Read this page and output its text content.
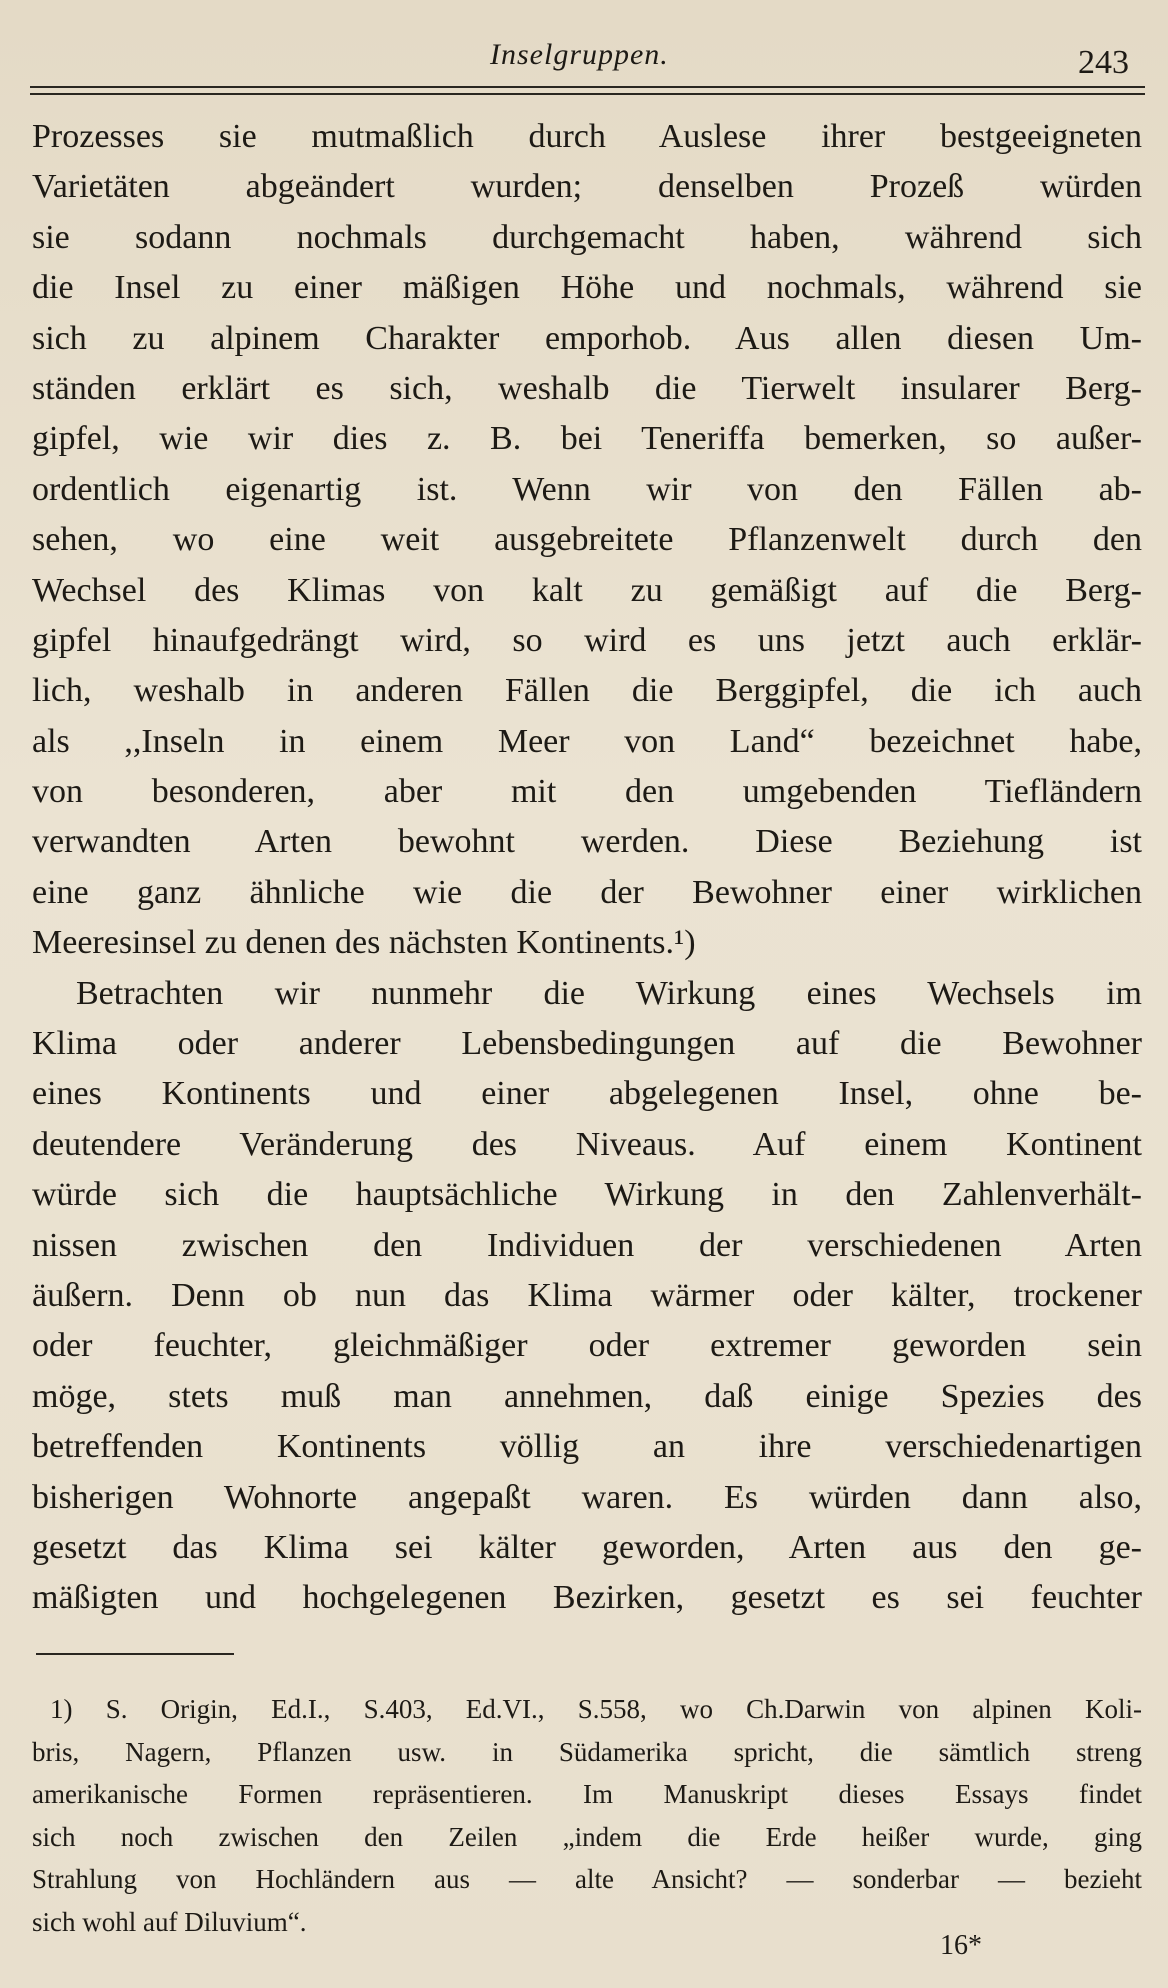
Inselgruppen.	243
Prozesses sie mutmaßlich durch Auslese ihrer bestgeeigneten
Varietäten abgeändert wurden; denselben Prozeß würden
sie sodann nochmals durchgemacht haben, während sich
die Insel zu einer mäßigen Höhe und nochmals, während sie
sich zu alpinem Charakter emporhob. Aus allen diesen Um-
ständen erklärt es sich, weshalb die Tierwelt insularer Berg-
gipfel, wie wir dies z. B. bei Teneriffa bemerken, so außer-
ordentlich eigenartig ist. Wenn wir von den Fällen ab-
sehen, wo eine weit ausgebreitete Pflanzenwelt durch den
Wechsel des Klimas von kalt zu gemäßigt auf die Berg-
gipfel hinaufgedrängt wird, so wird es uns jetzt auch erklär-
lich, weshalb in anderen Fällen die Berggipfel, die ich auch
als ,,Inseln in einem Meer von Land“ bezeichnet habe,
von besonderen, aber mit den umgebenden Tiefländern
verwandten Arten bewohnt werden. Diese Beziehung ist
eine ganz ähnliche wie die der Bewohner einer wirklichen
Meeresinsel zu denen des nächsten Kontinents.¹)
Betrachten wir nunmehr die Wirkung eines Wechsels im
Klima oder anderer Lebensbedingungen auf die Bewohner
eines Kontinents und einer abgelegenen Insel, ohne be-
deutendere Veränderung des Niveaus. Auf einem Kontinent
würde sich die hauptsächliche Wirkung in den Zahlenverhält-
nissen zwischen den Individuen der verschiedenen Arten
äußern. Denn ob nun das Klima wärmer oder kälter, trockener
oder feuchter, gleichmäßiger oder extremer geworden sein
möge, stets muß man annehmen, daß einige Spezies des
betreffenden Kontinents völlig an ihre verschiedenartigen
bisherigen Wohnorte angepaßt waren. Es würden dann also,
gesetzt das Klima sei kälter geworden, Arten aus den ge-
mäßigten und hochgelegenen Bezirken, gesetzt es sei feuchter
1) S. Origin, Ed.I., S.403, Ed.VI., S.558, wo Ch.Darwin von alpinen Koli-
bris, Nagern, Pflanzen usw. in Südamerika spricht, die sämtlich streng
amerikanische Formen repräsentieren. Im Manuskript dieses Essays findet
sich noch zwischen den Zeilen „indem die Erde heißer wurde, ging
Strahlung von Hochländern aus — alte Ansicht? — sonderbar — bezieht
sich wohl auf Diluvium“.
16*
